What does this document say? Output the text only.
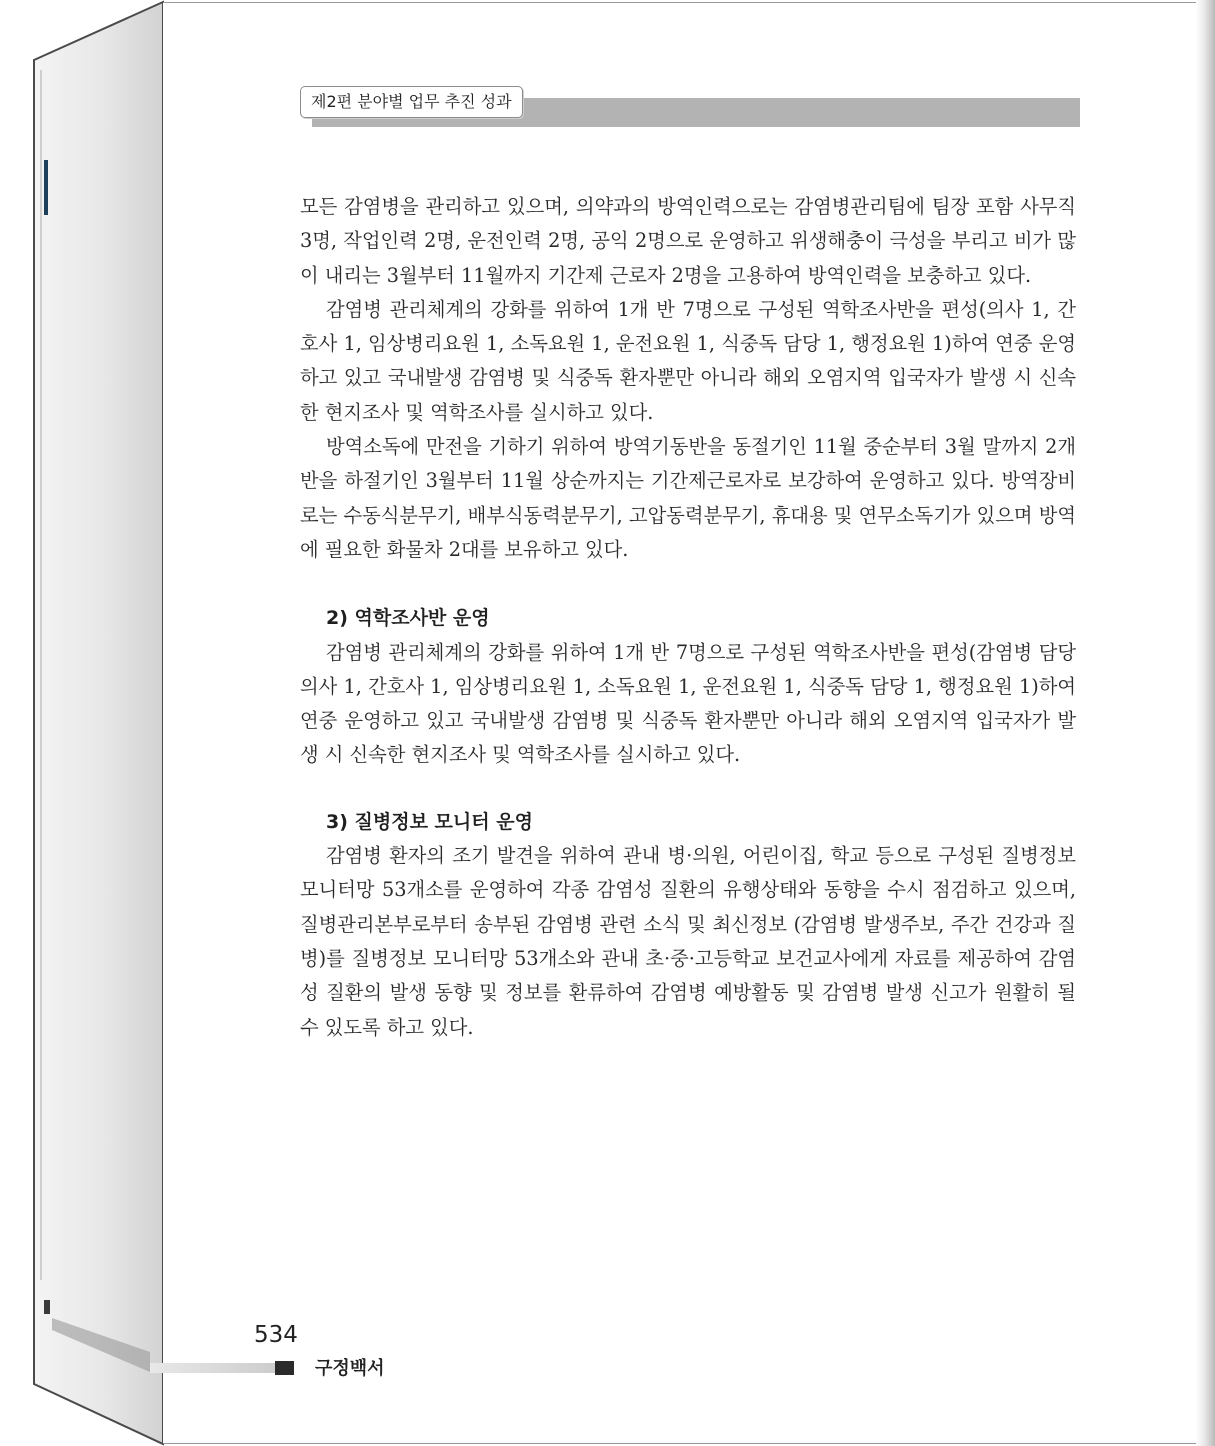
제2편 분야별 업무 추진 성과

모든 감염병을 관리하고 있으며, 의약과의 방역인력으로는 감염병관리팀에 팀장 포함 사무직 3명, 작업인력 2명, 운전인력 2명, 공익 2명으로 운영하고 위생해충이 극성을 부리고 비가 많이 내리는 3월부터 11월까지 기간제 근로자 2명을 고용하여 방역인력을 보충하고 있다.

감염병 관리체계의 강화를 위하여 1개 반 7명으로 구성된 역학조사반을 편성(의사 1, 간호사 1, 임상병리요원 1, 소독요원 1, 운전요원 1, 식중독 담당 1, 행정요원 1)하여 연중 운영하고 있고 국내발생 감염병 및 식중독 환자뿐만 아니라 해외 오염지역 입국자가 발생 시 신속한 현지조사 및 역학조사를 실시하고 있다.

방역소독에 만전을 기하기 위하여 방역기동반을 동절기인 11월 중순부터 3월 말까지 2개 반을 하절기인 3월부터 11월 상순까지는 기간제근로자로 보강하여 운영하고 있다. 방역장비로는 수동식분무기, 배부식동력분무기, 고압동력분무기, 휴대용 및 연무소독기가 있으며 방역에 필요한 화물차 2대를 보유하고 있다.

2) 역학조사반 운영

감염병 관리체계의 강화를 위하여 1개 반 7명으로 구성된 역학조사반을 편성(감염병 담당의사 1, 간호사 1, 임상병리요원 1, 소독요원 1, 운전요원 1, 식중독 담당 1, 행정요원 1)하여 연중 운영하고 있고 국내발생 감염병 및 식중독 환자뿐만 아니라 해외 오염지역 입국자가 발생 시 신속한 현지조사 및 역학조사를 실시하고 있다.

3) 질병정보 모니터 운영

감염병 환자의 조기 발견을 위하여 관내 병·의원, 어린이집, 학교 등으로 구성된 질병정보 모니터망 53개소를 운영하여 각종 감염성 질환의 유행상태와 동향을 수시 점검하고 있으며, 질병관리본부로부터 송부된 감염병 관련 소식 및 최신정보 (감염병 발생주보, 주간 건강과 질병)를 질병정보 모니터망 53개소와 관내 초·중·고등학교 보건교사에게 자료를 제공하여 감염성 질환의 발생 동향 및 정보를 환류하여 감염병 예방활동 및 감염병 발생 신고가 원활히 될 수 있도록 하고 있다.

534
구정백서
